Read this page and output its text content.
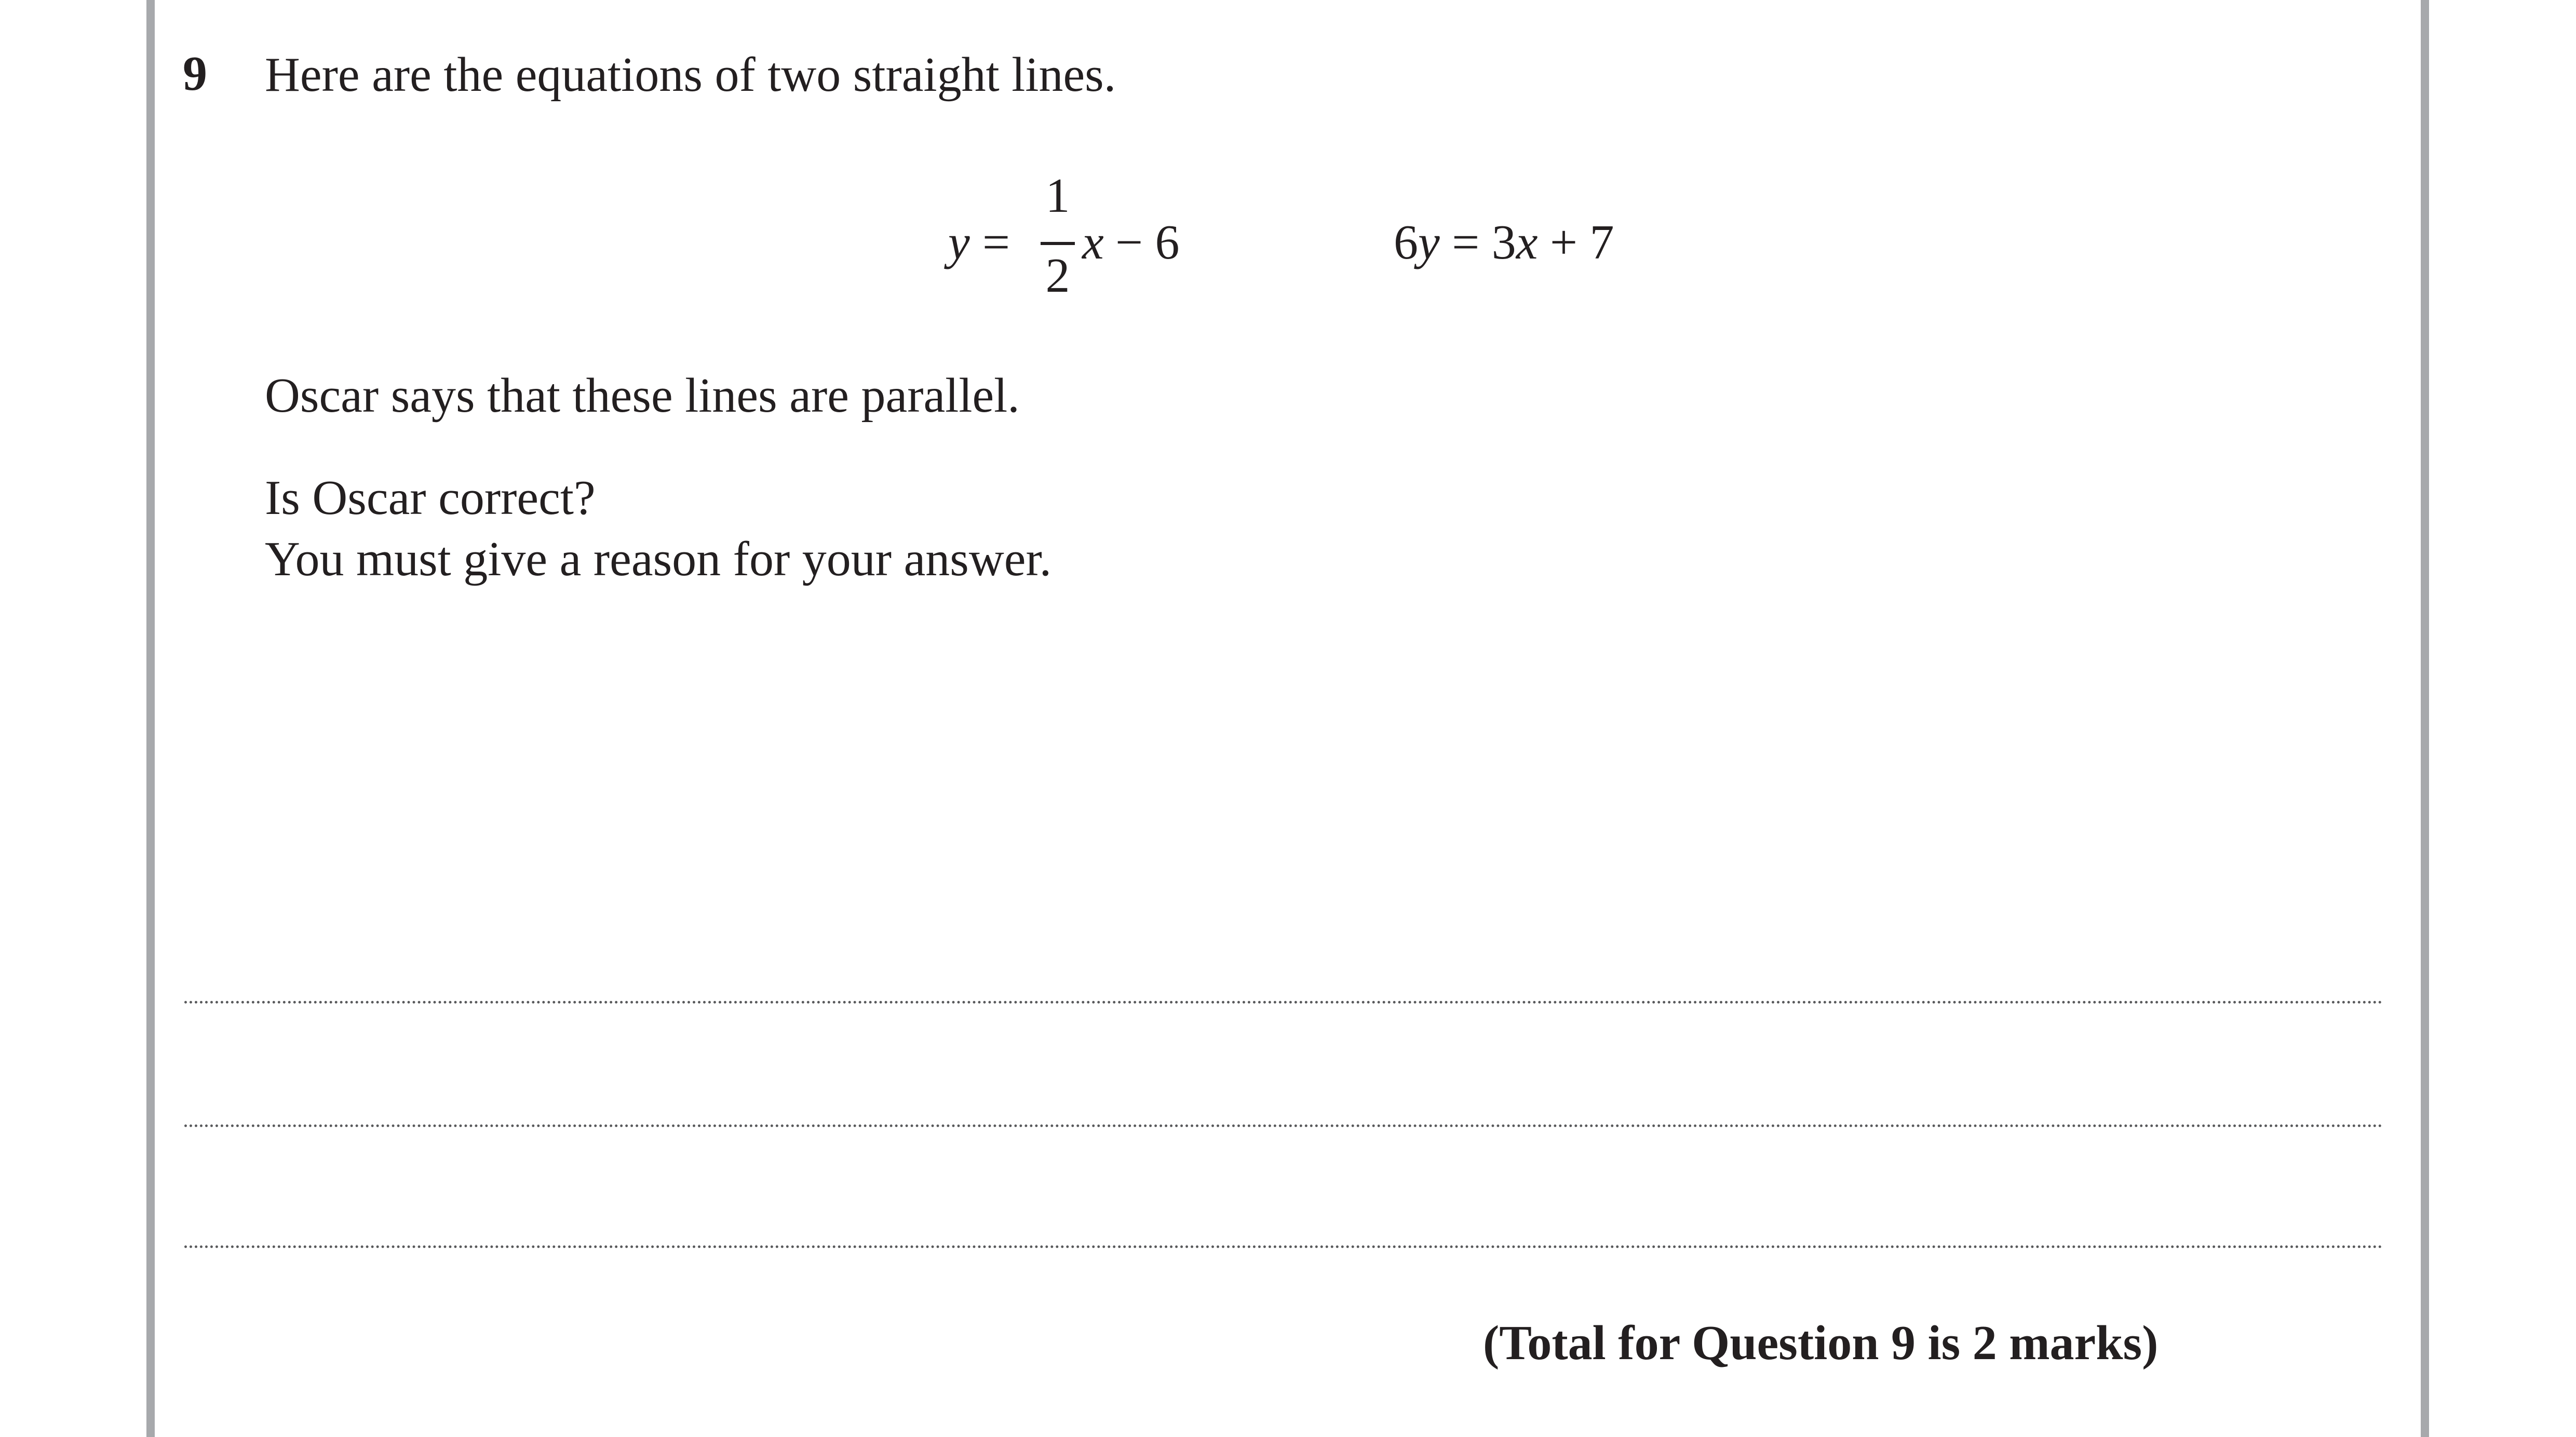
9 Here are the equations of two straight lines.
y =
1
2
x − 6	6y = 3x + 7
Oscar says that these lines are parallel.
Is Oscar correct?
You must give a reason for your answer.
(Total for Question 9 is 2 marks)
